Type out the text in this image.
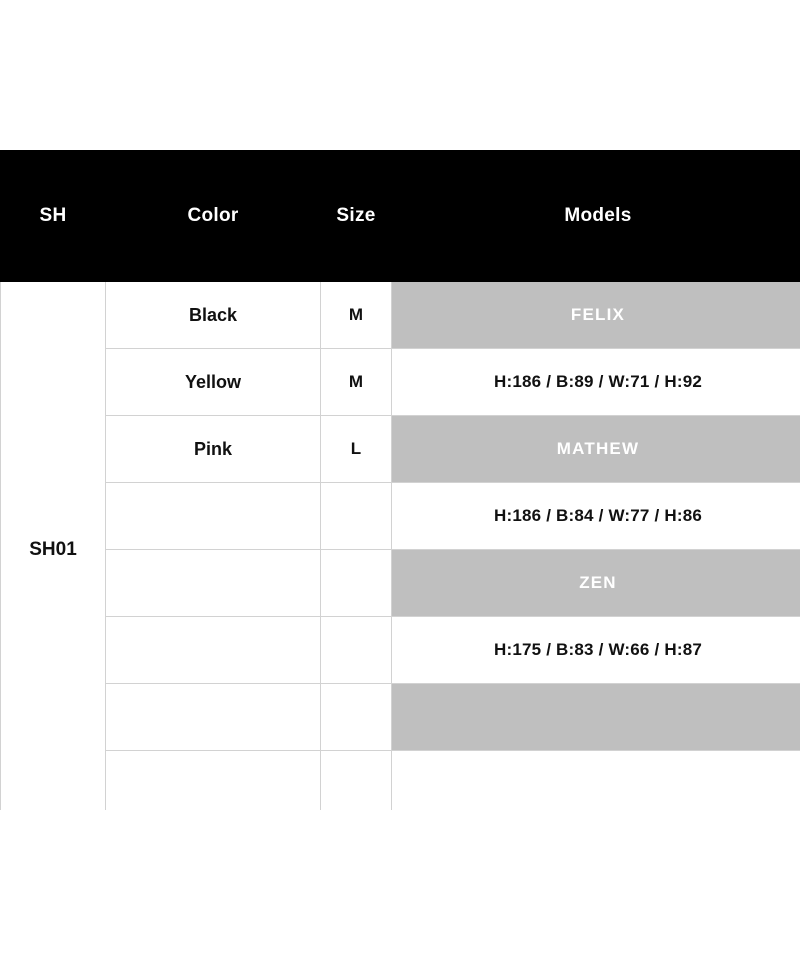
SH	Color	Size	Models
SH01	Black	M	FELIX
	Yellow	M	H:186 / B:89 / W:71 / H:92
	Pink	L	MATHEW
			H:186 / B:84 / W:77 / H:86
			ZEN
			H:175 / B:83 / W:66 / H:87
